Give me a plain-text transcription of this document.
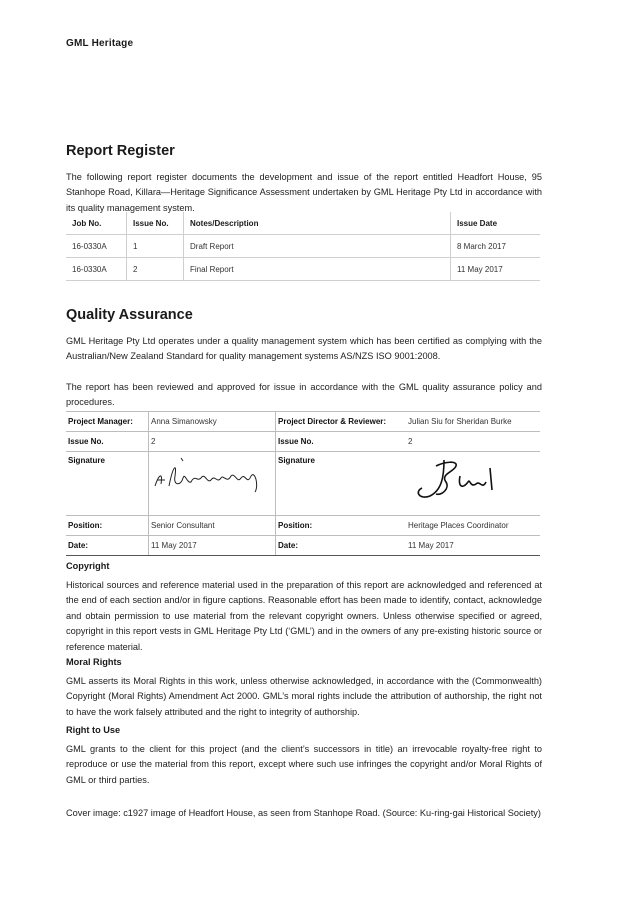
GML Heritage
Report Register
The following report register documents the development and issue of the report entitled Headfort House, 95 Stanhope Road, Killara—Heritage Significance Assessment undertaken by GML Heritage Pty Ltd in accordance with its quality management system.
Job No.	Issue No.	Notes/Description	Issue Date
16-0330A	1	Draft Report	8 March 2017
16-0330A	2	Final Report	11 May 2017
Quality Assurance
GML Heritage Pty Ltd operates under a quality management system which has been certified as complying with the Australian/New Zealand Standard for quality management systems AS/NZS ISO 9001:2008.
The report has been reviewed and approved for issue in accordance with the GML quality assurance policy and procedures.
Project Manager:	Anna Simanowsky	Project Director & Reviewer:	Julian Siu for Sheridan Burke
Issue No.	2	Issue No.	2
Signature		Signature	
Position:	Senior Consultant	Position:	Heritage Places Coordinator
Date:	11 May 2017	Date:	11 May 2017
Copyright
Historical sources and reference material used in the preparation of this report are acknowledged and referenced at the end of each section and/or in figure captions. Reasonable effort has been made to identify, contact, acknowledge and obtain permission to use material from the relevant copyright owners. Unless otherwise specified or agreed, copyright in this report vests in GML Heritage Pty Ltd (‘GML’) and in the owners of any pre-existing historic source or reference material.
Moral Rights
GML asserts its Moral Rights in this work, unless otherwise acknowledged, in accordance with the (Commonwealth) Copyright (Moral Rights) Amendment Act 2000. GML’s moral rights include the attribution of authorship, the right not to have the work falsely attributed and the right to integrity of authorship.
Right to Use
GML grants to the client for this project (and the client’s successors in title) an irrevocable royalty-free right to reproduce or use the material from this report, except where such use infringes the copyright and/or Moral Rights of GML or third parties.
Cover image: c1927 image of Headfort House, as seen from Stanhope Road. (Source: Ku-ring-gai Historical Society)
